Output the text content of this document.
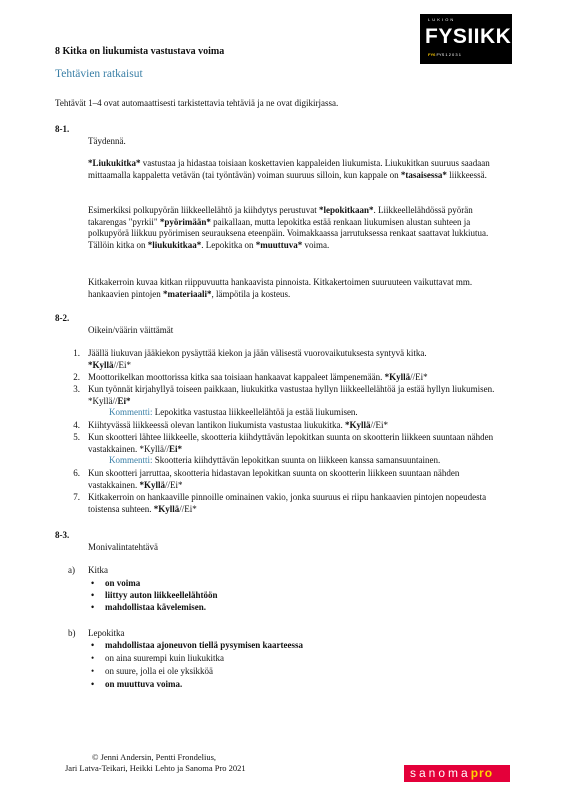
L U K I O N
FYSIIKKA
FY6 FYS 1 2 0 3 1
8 Kitka on liukumista vastustava voima
Tehtävien ratkaisut
Tehtävät 1–4 ovat automaattisesti tarkistettavia tehtäviä ja ne ovat digikirjassa.
8-1.
Täydennä.
*Liukukitka* vastustaa ja hidastaa toisiaan koskettavien kappaleiden liukumista. Liukukitkan suuruus saadaan mittaamalla kappaletta vetävän (tai työntävän) voiman suuruus silloin, kun kappale on *tasaisessa* liikkeessä.
Esimerkiksi polkupyörän liikkeellelähtö ja kiihdytys perustuvat *lepokitkaan*. Liikkeellelähdössä pyörän takarengas "pyrkii" *pyörimään* paikallaan, mutta lepokitka estää renkaan liukumisen alustan suhteen ja polkupyörä liikkuu pyörimisen seurauksena eteenpäin. Voimakkaassa jarrutuksessa renkaat saattavat lukkiutua. Tällöin kitka on *liukukitkaa*. Lepokitka on *muuttuva* voima.
Kitkakerroin kuvaa kitkan riippuvuutta hankaavista pinnoista. Kitkakertoimen suuruuteen vaikuttavat mm. hankaavien pintojen *materiaali*, lämpötila ja kosteus.
8-2.
Oikein/väärin väittämät
1. Jäällä liukuvan jääkiekon pysäyttää kiekon ja jään välisestä vuorovaikutuksesta syntyvä kitka.
*Kyllä//Ei*
2. Moottorikelkan moottorissa kitka saa toisiaan hankaavat kappaleet lämpenemään. *Kyllä//Ei*
3. Kun työnnät kirjahyllyä toiseen paikkaan, liukukitka vastustaa hyllyn liikkeellelähtöä ja estää hyllyn liukumisen. *Kyllä//Ei*
Kommentti: Lepokitka vastustaa liikkeellelähtöä ja estää liukumisen.
4. Kiihtyvässä liikkeessä olevan lantikon liukumista vastustaa liukukitka. *Kyllä//Ei*
5. Kun skootteri lähtee liikkeelle, skootteria kiihdyttävän lepokitkan suunta on skootterin liikkeen suuntaan nähden vastakkainen. *Kyllä//Ei*
Kommentti: Skootteria kiihdyttävän lepokitkan suunta on liikkeen kanssa samansuuntainen.
6. Kun skootteri jarruttaa, skootteria hidastavan lepokitkan suunta on skootterin liikkeen suuntaan nähden vastakkainen. *Kyllä//Ei*
7. Kitkakerroin on hankaaville pinnoille ominainen vakio, jonka suuruus ei riipu hankaavien pintojen nopeudesta toistensa suhteen. *Kyllä//Ei*
8-3.
Monivalintatehtävä
a) Kitka
• on voima
• liittyy auton liikkeellelähtöön
• mahdollistaa kävelemisen.
b) Lepokitka
• mahdollistaa ajoneuvon tiellä pysymisen kaarteessa
• on aina suurempi kuin liukukitka
• on suure, jolla ei ole yksikköä
• on muuttuva voima.
© Jenni Andersin, Pentti Frondelius,
Jari Latva-Teikari, Heikki Lehto ja Sanoma Pro 2021	sanomapro
